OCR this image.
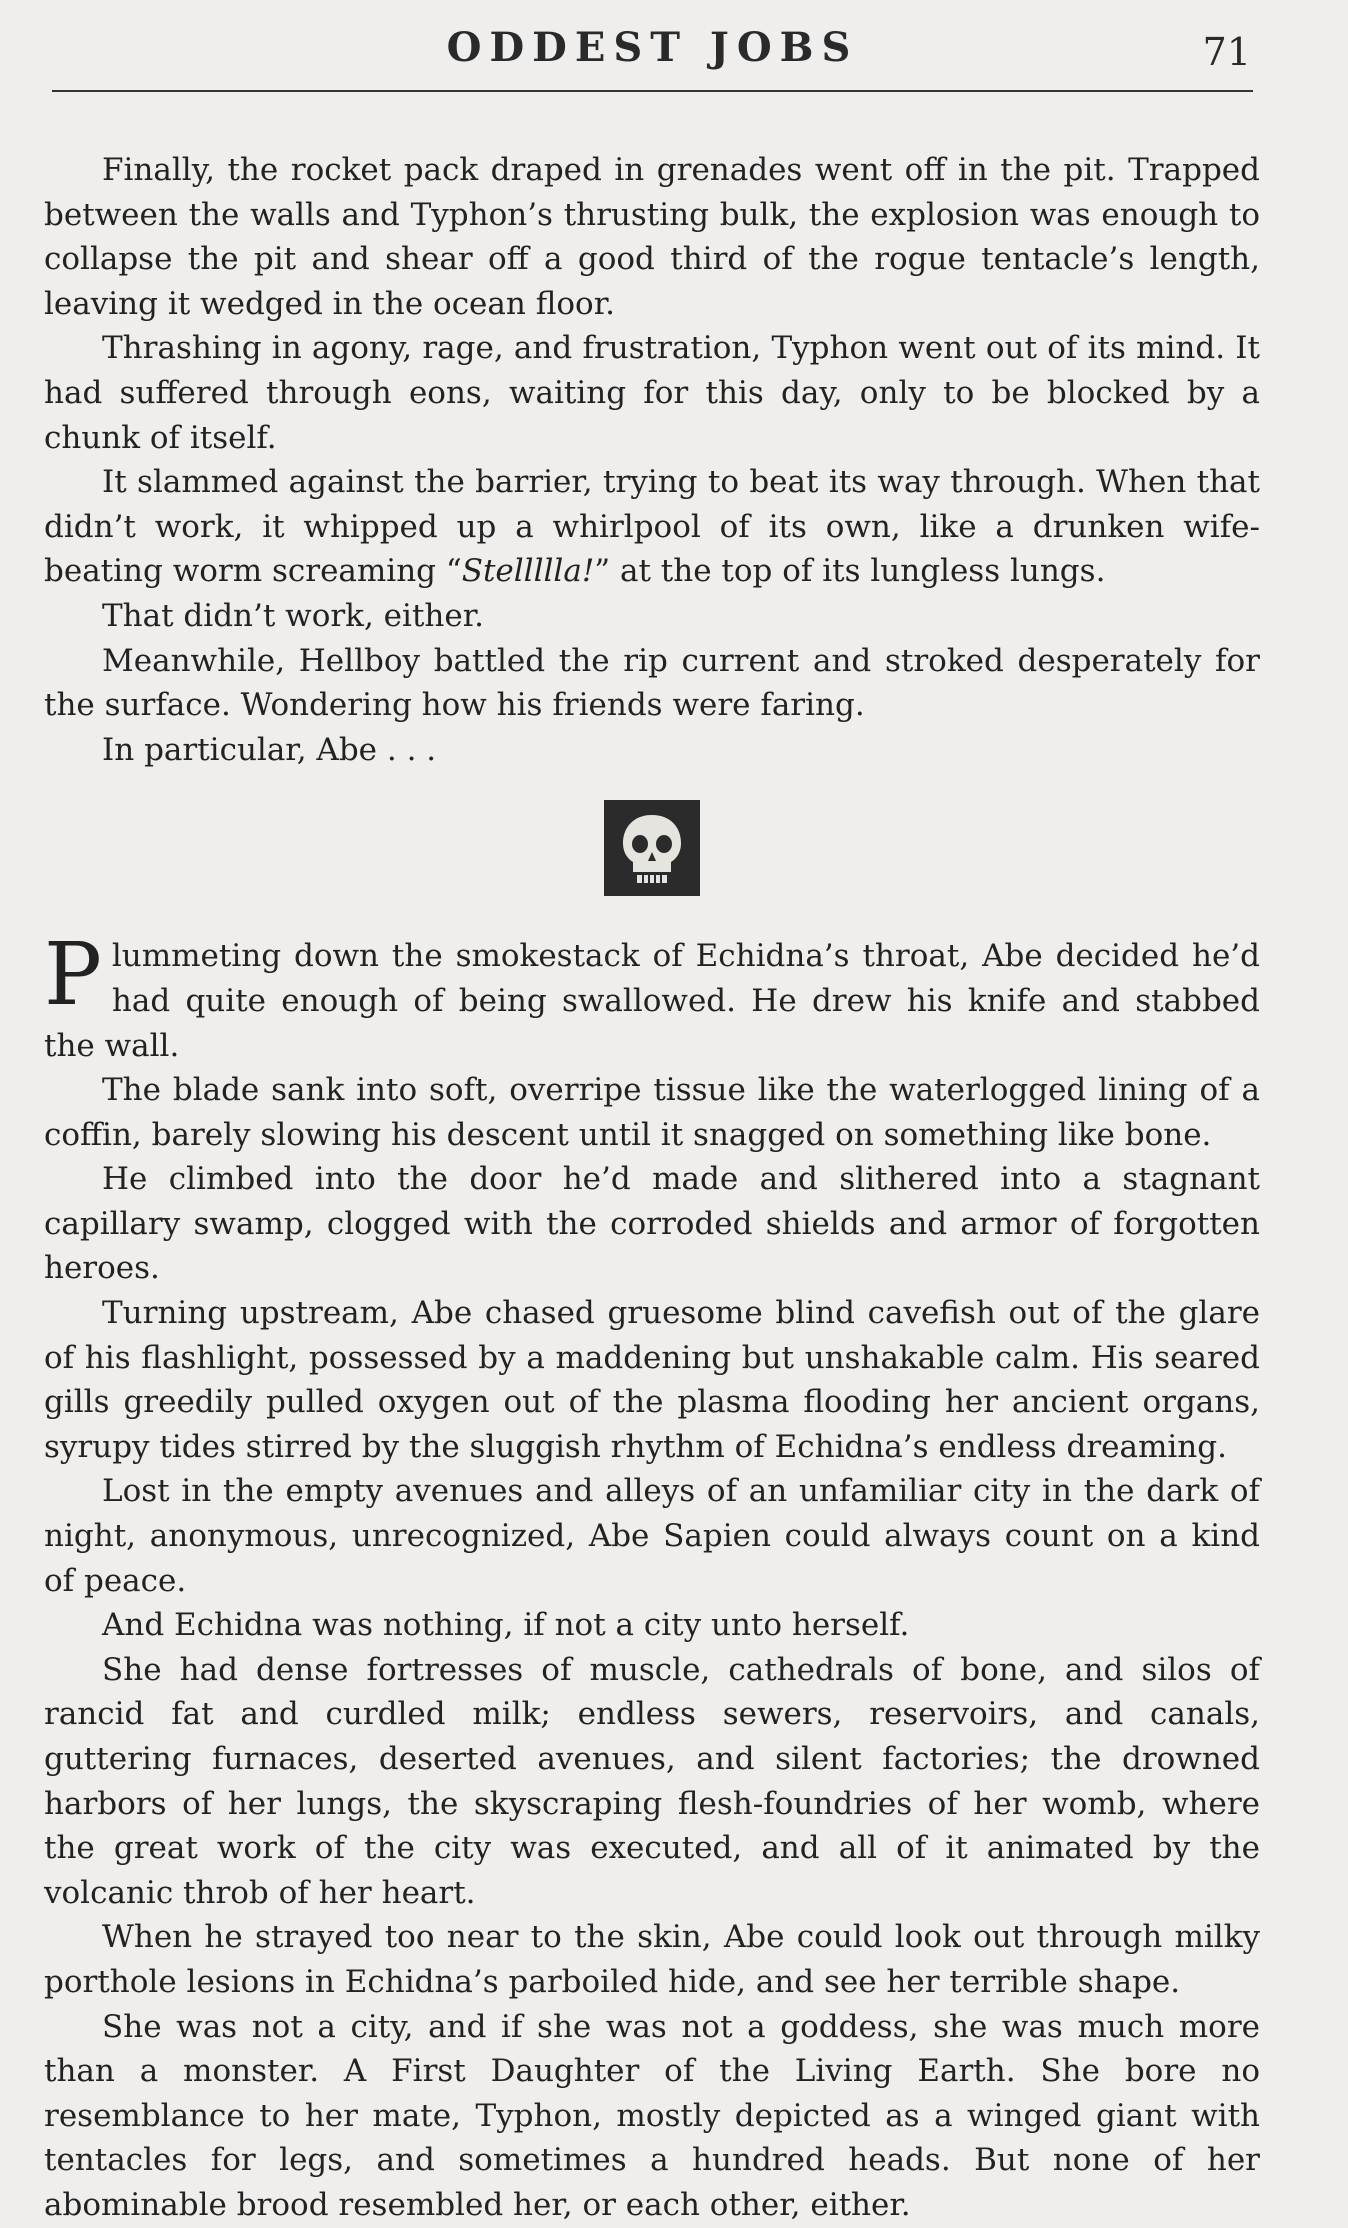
ODDEST JOBS	71

Finally, the rocket pack draped in grenades went off in the pit. Trapped between the walls and Typhon’s thrusting bulk, the explosion was enough to collapse the pit and shear off a good third of the rogue tentacle’s length, leaving it wedged in the ocean floor.

Thrashing in agony, rage, and frustration, Typhon went out of its mind. It had suffered through eons, waiting for this day, only to be blocked by a chunk of itself.

It slammed against the barrier, trying to beat its way through. When that didn’t work, it whipped up a whirlpool of its own, like a drunken wife-beating worm screaming “Stellllla!” at the top of its lungless lungs.

That didn’t work, either.

Meanwhile, Hellboy battled the rip current and stroked desperately for the surface. Wondering how his friends were faring.

In particular, Abe . . .

Plummeting down the smokestack of Echidna’s throat, Abe decided he’d had quite enough of being swallowed. He drew his knife and stabbed the wall.

The blade sank into soft, overripe tissue like the waterlogged lining of a coffin, barely slowing his descent until it snagged on something like bone.

He climbed into the door he’d made and slithered into a stagnant capillary swamp, clogged with the corroded shields and armor of forgotten heroes.

Turning upstream, Abe chased gruesome blind cavefish out of the glare of his flashlight, possessed by a maddening but unshakable calm. His seared gills greedily pulled oxygen out of the plasma flooding her ancient organs, syrupy tides stirred by the sluggish rhythm of Echidna’s endless dreaming.

Lost in the empty avenues and alleys of an unfamiliar city in the dark of night, anonymous, unrecognized, Abe Sapien could always count on a kind of peace.

And Echidna was nothing, if not a city unto herself.

She had dense fortresses of muscle, cathedrals of bone, and silos of rancid fat and curdled milk; endless sewers, reservoirs, and canals, guttering furnaces, deserted avenues, and silent factories; the drowned harbors of her lungs, the skyscraping flesh-foundries of her womb, where the great work of the city was executed, and all of it animated by the volcanic throb of her heart.

When he strayed too near to the skin, Abe could look out through milky porthole lesions in Echidna’s parboiled hide, and see her terrible shape.

She was not a city, and if she was not a goddess, she was much more than a monster. A First Daughter of the Living Earth. She bore no resemblance to her mate, Typhon, mostly depicted as a winged giant with tentacles for legs, and sometimes a hundred heads. But none of her abominable brood resembled her, or each other, either.
